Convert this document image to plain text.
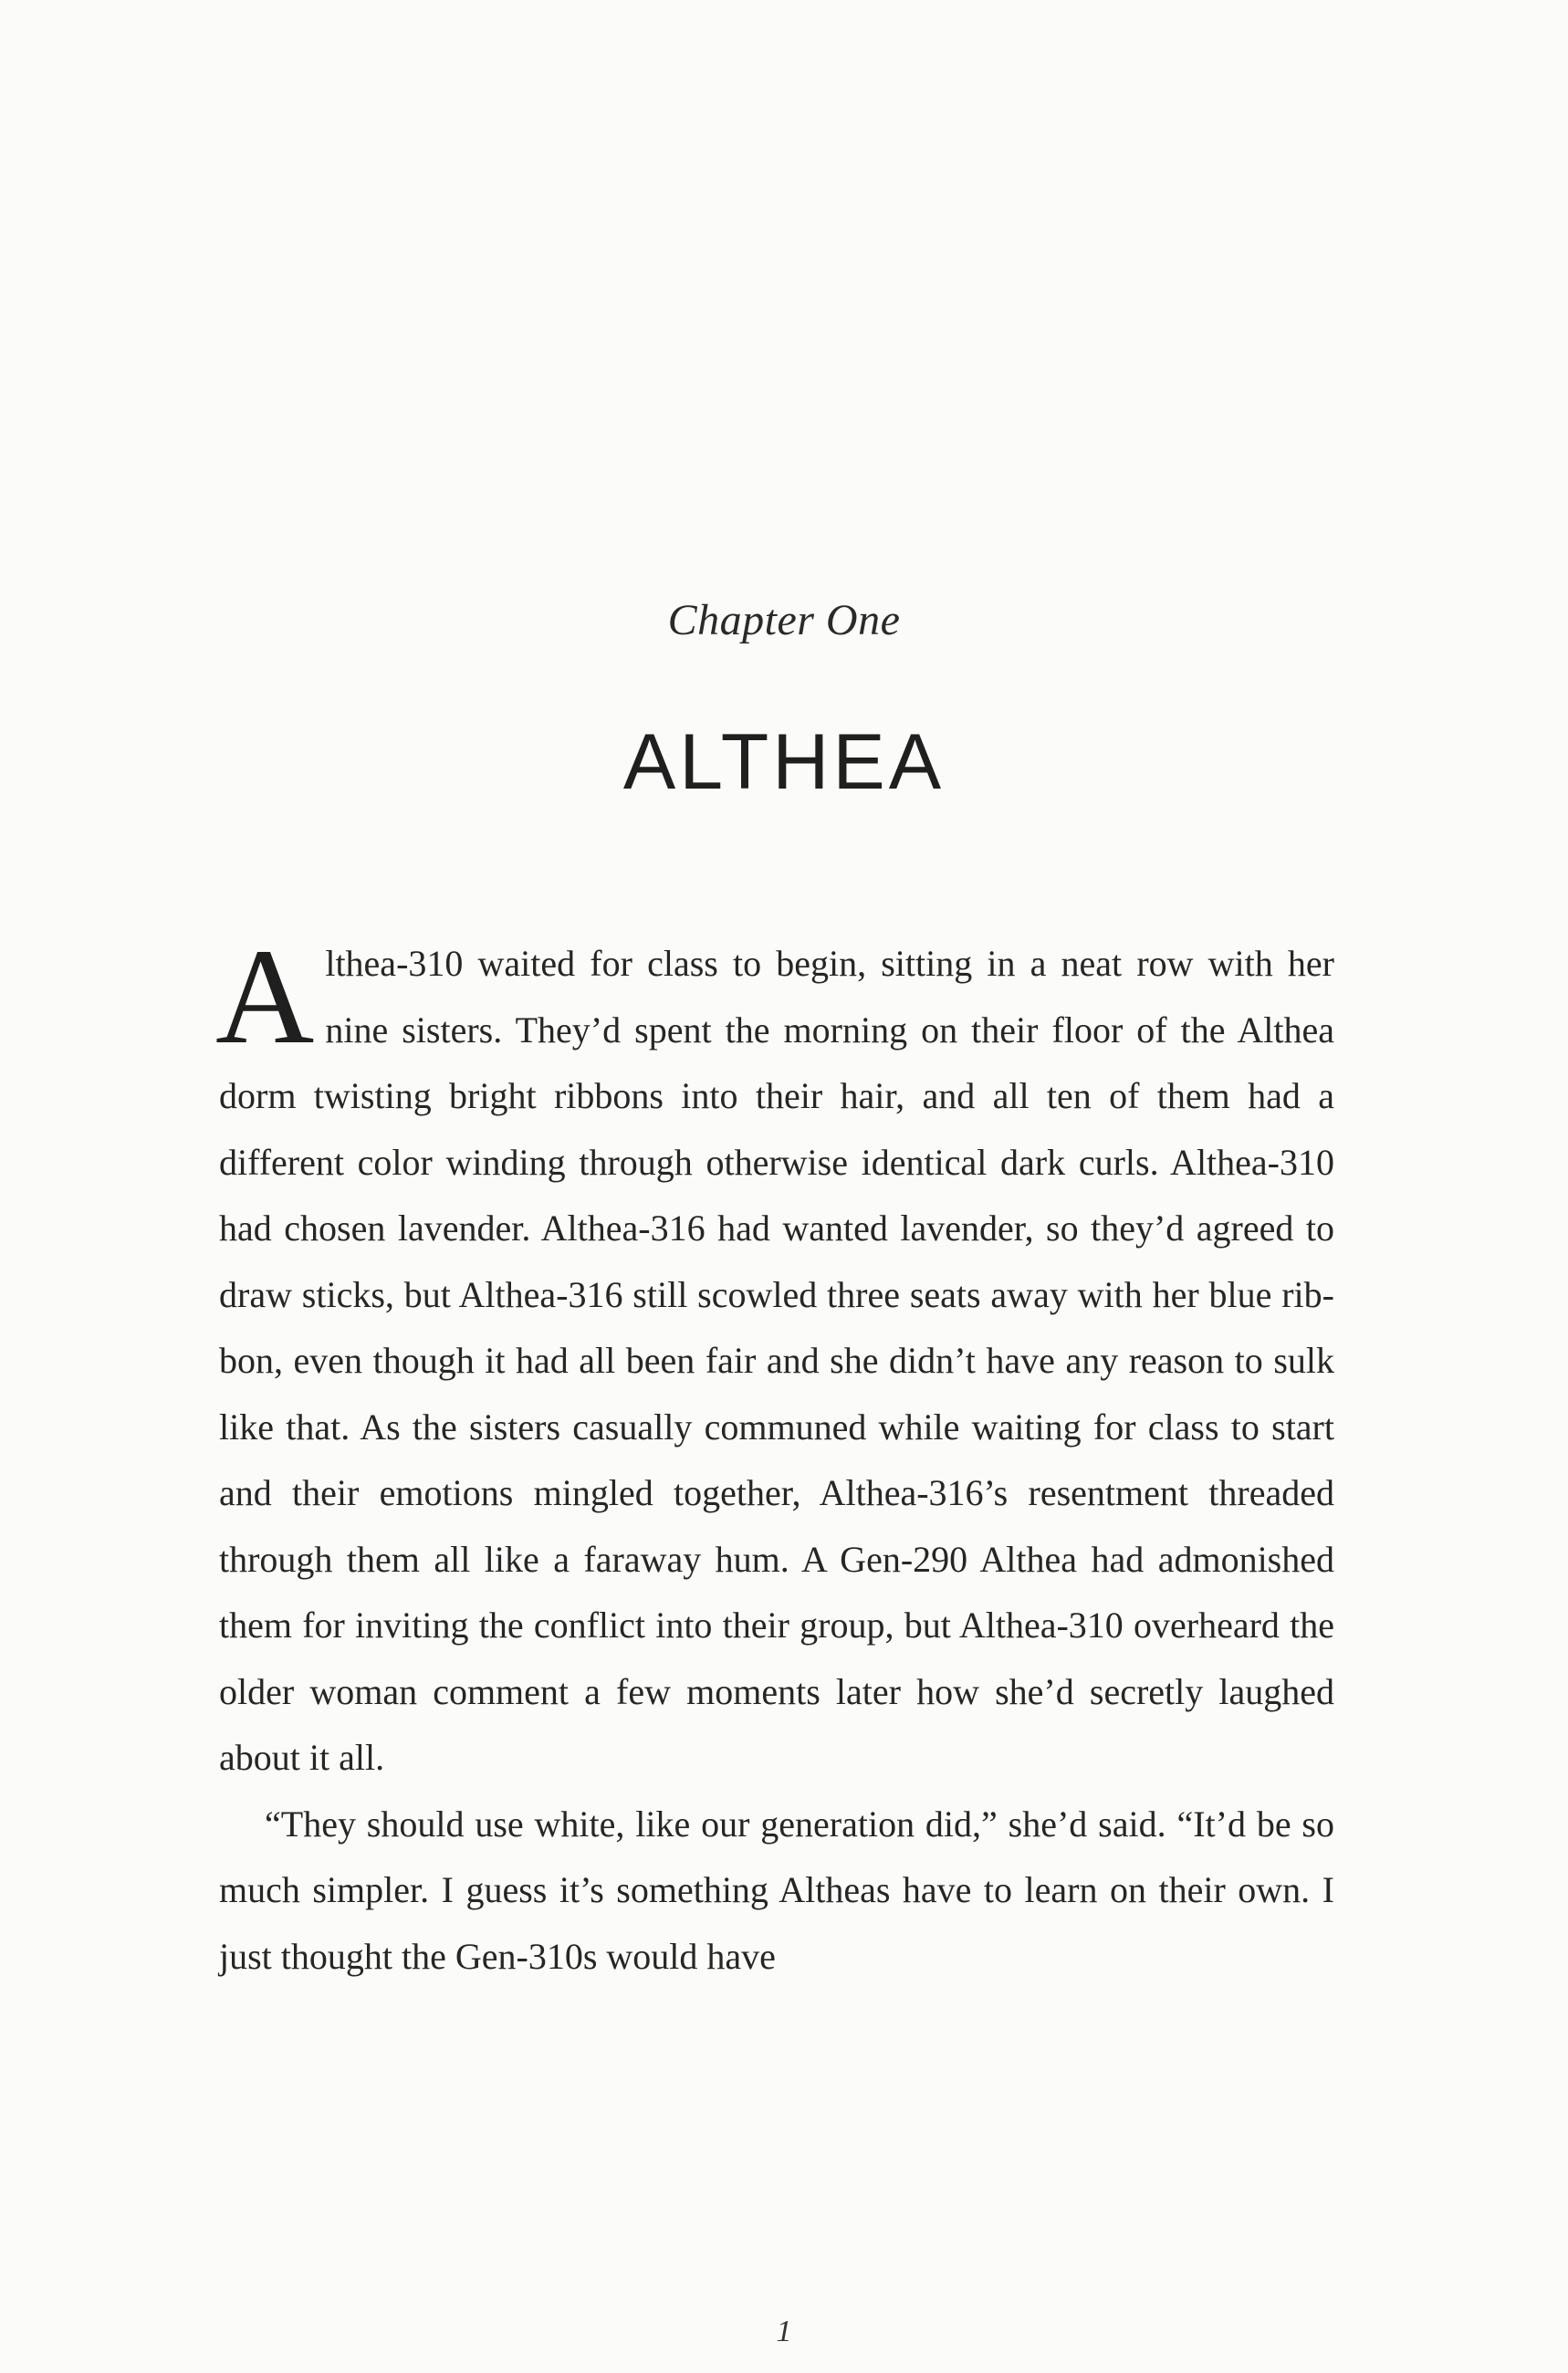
Chapter One
ALTHEA

Althea-310 waited for class to begin, sitting in a neat row with her nine sisters. They’d spent the morning on their floor of the Althea dorm twisting bright ribbons into their hair, and all ten of them had a different color winding through otherwise identical dark curls. Althea-310 had chosen lavender. Althea-316 had wanted lavender, so they’d agreed to draw sticks, but Althea-316 still scowled three seats away with her blue ribbon, even though it had all been fair and she didn’t have any reason to sulk like that. As the sisters casually communed while waiting for class to start and their emotions mingled together, Althea-316’s resentment threaded through them all like a faraway hum. A Gen-290 Althea had admonished them for inviting the conflict into their group, but Althea-310 overheard the older woman comment a few moments later how she’d secretly laughed about it all.

“They should use white, like our generation did,” she’d said. “It’d be so much simpler. I guess it’s something Altheas have to learn on their own. I just thought the Gen-310s would have

1
